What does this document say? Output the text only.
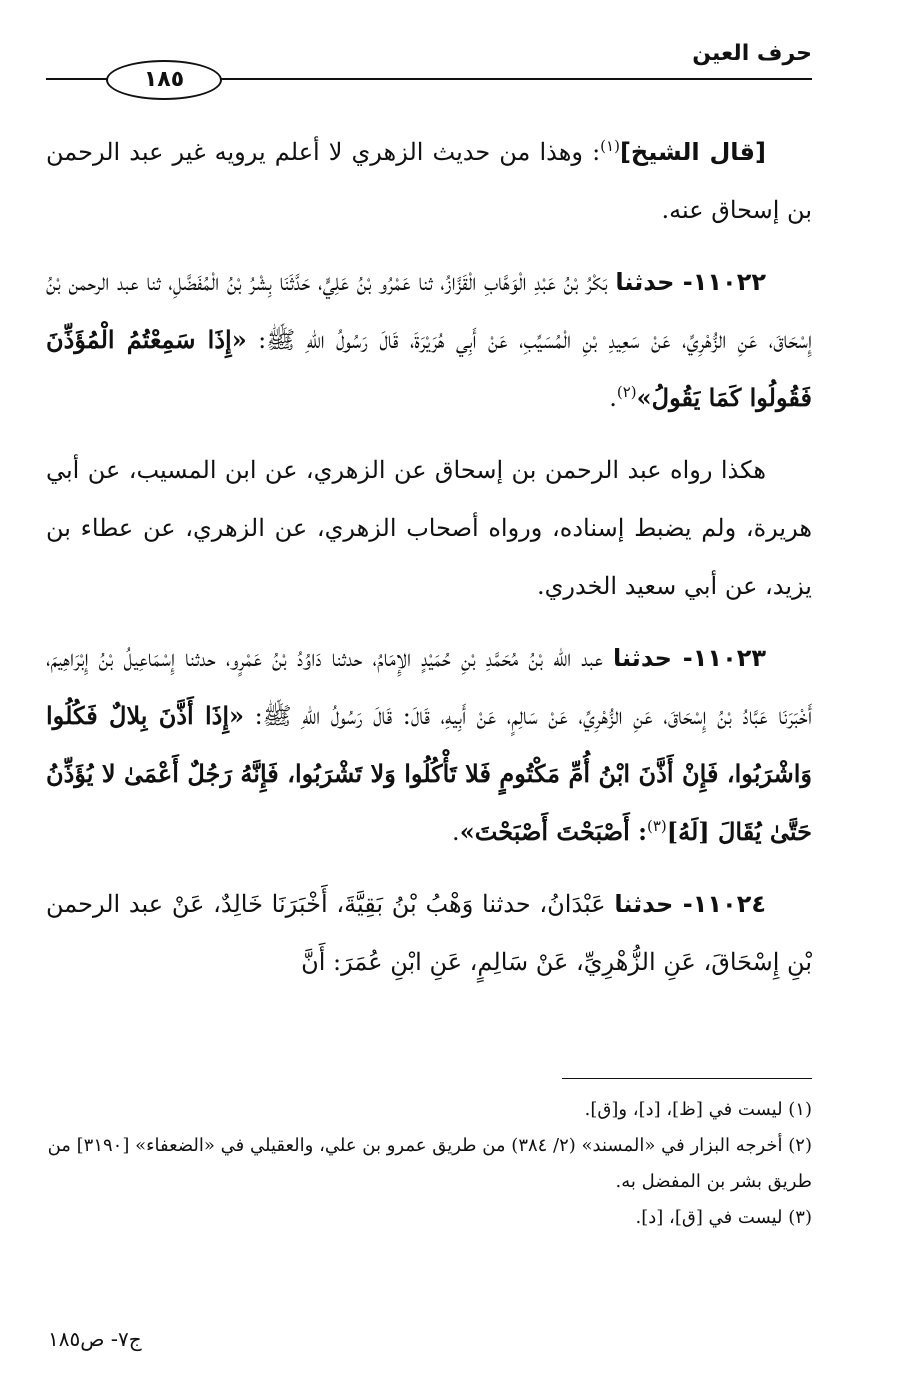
حرف العين
١٨٥

[قال الشيخ]$^{(١)}$: وهذا من حديث الزهري لا أعلم يرويه غير عبد الرحمن بن إسحاق عنه.

١١٠٢٢- حدثنا بَكْرُ بْنُ عَبْدِ الْوَهَّابِ الْقَزَّازُ، ثنا عَمْرُو بْنُ عَلِيٍّ، حَدَّثَنَا بِشْرُ بْنُ الْمُفَضَّلِ، ثنا عبد الرحمن بْنُ إِسْحَاقَ، عَنِ الزُّهْرِيِّ، عَنْ سَعِيدِ بْنِ الْمُسَيِّبِ، عَنْ أَبِي هُرَيْرَةَ، قَالَ رَسُولُ اللهِ ﷺ: «إِذَا سَمِعْتُمُ الْمُؤَذِّنَ فَقُولُوا كَمَا يَقُولُ»$^{(٢)}$.

هكذا رواه عبد الرحمن بن إسحاق عن الزهري، عن ابن المسيب، عن أبي هريرة، ولم يضبط إسناده، ورواه أصحاب الزهري، عن الزهري، عن عطاء بن يزيد، عن أبي سعيد الخدري.

١١٠٢٣- حدثنا عبد الله بْنُ مُحَمَّدِ بْنِ حُمَيْدٍ الإِمَامُ، حدثنا دَاوُدُ بْنُ عَمْرٍو، حدثنا إِسْمَاعِيلُ بْنُ إِبْرَاهِيمَ، أَخْبَرَنَا عَبَّادُ بْنُ إِسْحَاقَ، عَنِ الزُّهْرِيِّ، عَنْ سَالِمٍ، عَنْ أَبِيهِ، قَالَ: قَالَ رَسُولُ اللهِ ﷺ: «إِذَا أَذَّنَ بِلالٌ فَكُلُوا وَاشْرَبُوا، فَإِنْ أَذَّنَ ابْنُ أُمِّ مَكْتُومٍ فَلا تَأْكُلُوا وَلا تَشْرَبُوا، فَإِنَّهُ رَجُلٌ أَعْمَىٰ لا يُؤَذِّنُ حَتَّىٰ يُقَالَ [لَهُ]$^{(٣)}$: أَصْبَحْتَ أَصْبَحْتَ».

١١٠٢٤- حدثنا عَبْدَانُ، حدثنا وَهْبُ بْنُ بَقِيَّةَ، أَخْبَرَنَا خَالِدٌ، عَنْ عبد الرحمن بْنِ إِسْحَاقَ، عَنِ الزُّهْرِيِّ، عَنْ سَالِمٍ، عَنِ ابْنِ عُمَرَ: أَنَّ

(١) ليست في [ظ]، [د]، و[ق].

(٢) أخرجه البزار في «المسند» (٢/ ٣٨٤) من طريق عمرو بن علي، والعقيلي في «الضعفاء» [٣١٩٠] من طريق بشر بن المفضل به.

(٣) ليست في [ق]، [د].

ج٧- ص١٨٥
